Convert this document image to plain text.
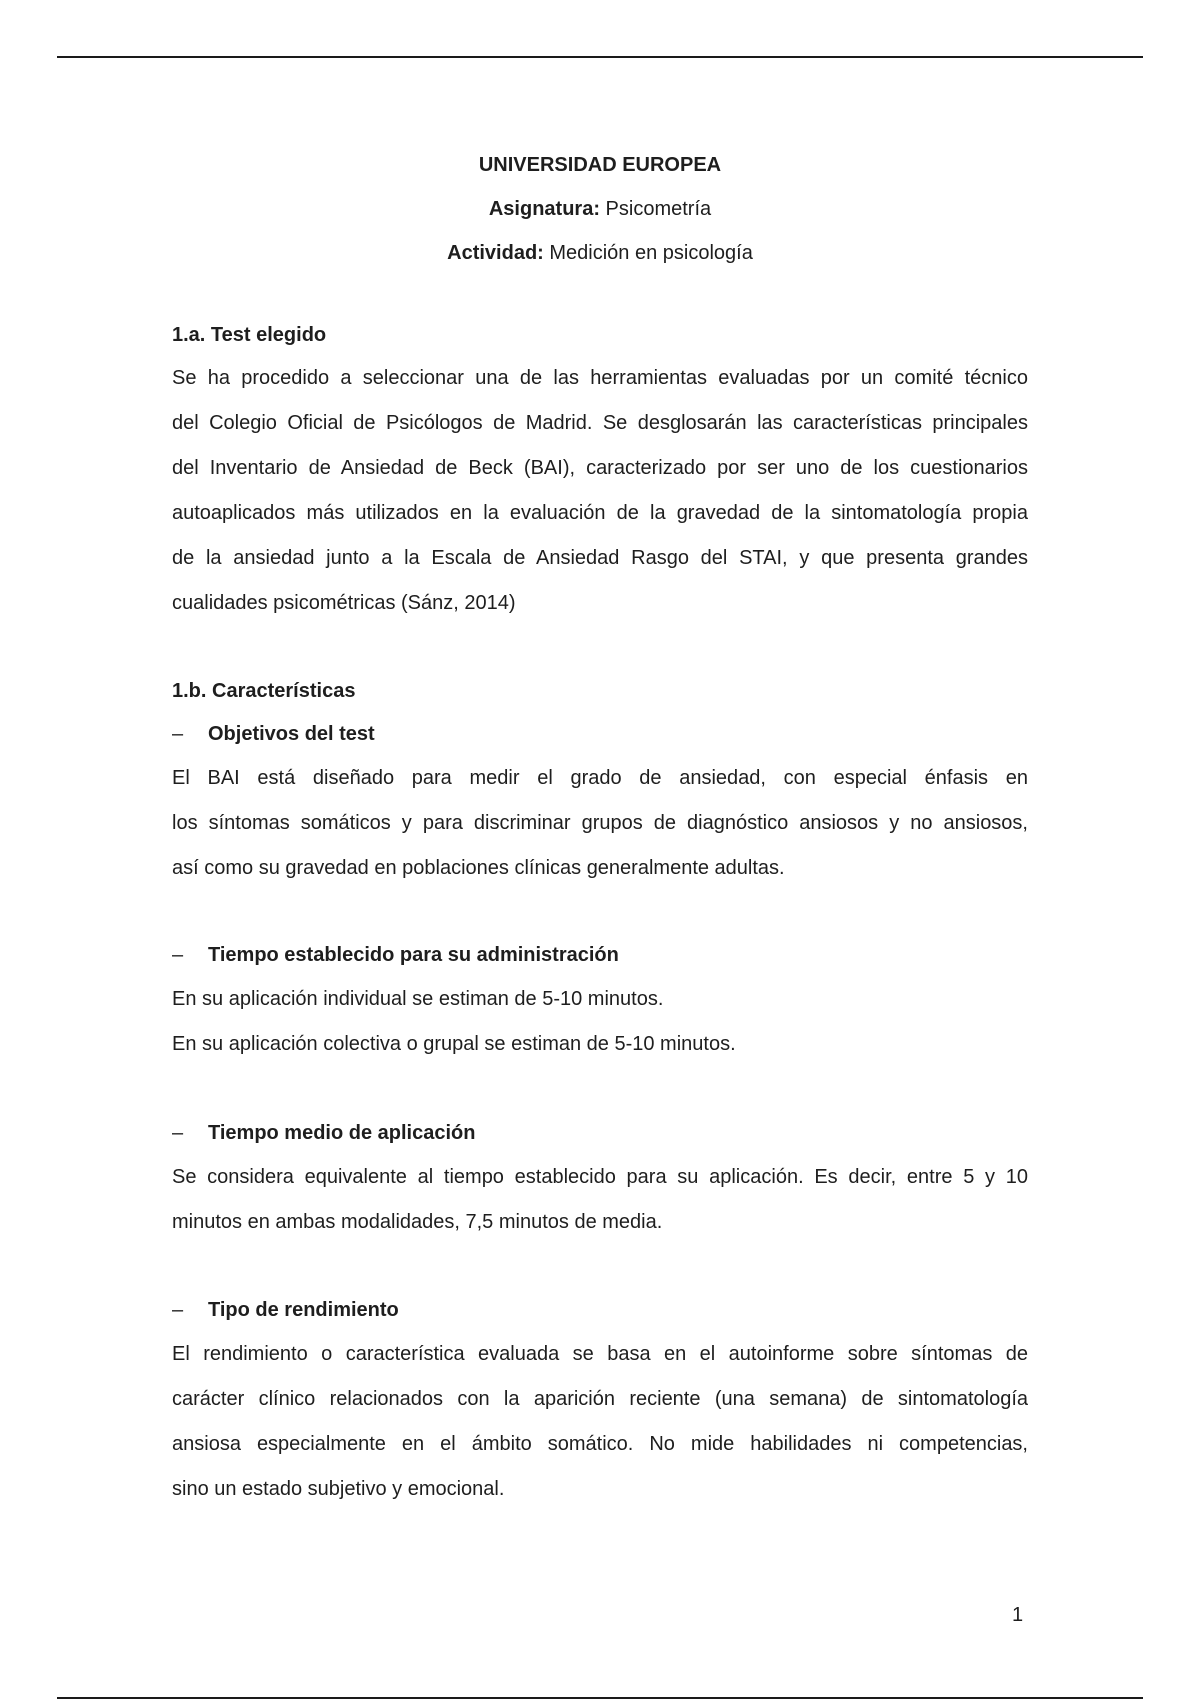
UNIVERSIDAD EUROPEA
Asignatura: Psicometría
Actividad: Medición en psicología
1.a. Test elegido
Se ha procedido a seleccionar una de las herramientas evaluadas por un comité técnico
del Colegio Oficial de Psicólogos de Madrid. Se desglosarán las características principales
del Inventario de Ansiedad de Beck (BAI), caracterizado por ser uno de los cuestionarios
autoaplicados más utilizados en la evaluación de la gravedad de la sintomatología propia
de la ansiedad junto a la Escala de Ansiedad Rasgo del STAI, y que presenta grandes
cualidades psicométricas (Sánz, 2014)
1.b. Características
– Objetivos del test
El BAI está diseñado para medir el grado de ansiedad, con especial énfasis en
los síntomas somáticos y para discriminar grupos de diagnóstico ansiosos y no ansiosos,
así como su gravedad en poblaciones clínicas generalmente adultas.
– Tiempo establecido para su administración
En su aplicación individual se estiman de 5-10 minutos.
En su aplicación colectiva o grupal se estiman de 5-10 minutos.
– Tiempo medio de aplicación
Se considera equivalente al tiempo establecido para su aplicación. Es decir, entre 5 y 10
minutos en ambas modalidades, 7,5 minutos de media.
– Tipo de rendimiento
El rendimiento o característica evaluada se basa en el autoinforme sobre síntomas de
carácter clínico relacionados con la aparición reciente (una semana) de sintomatología
ansiosa especialmente en el ámbito somático. No mide habilidades ni competencias,
sino un estado subjetivo y emocional.
1
